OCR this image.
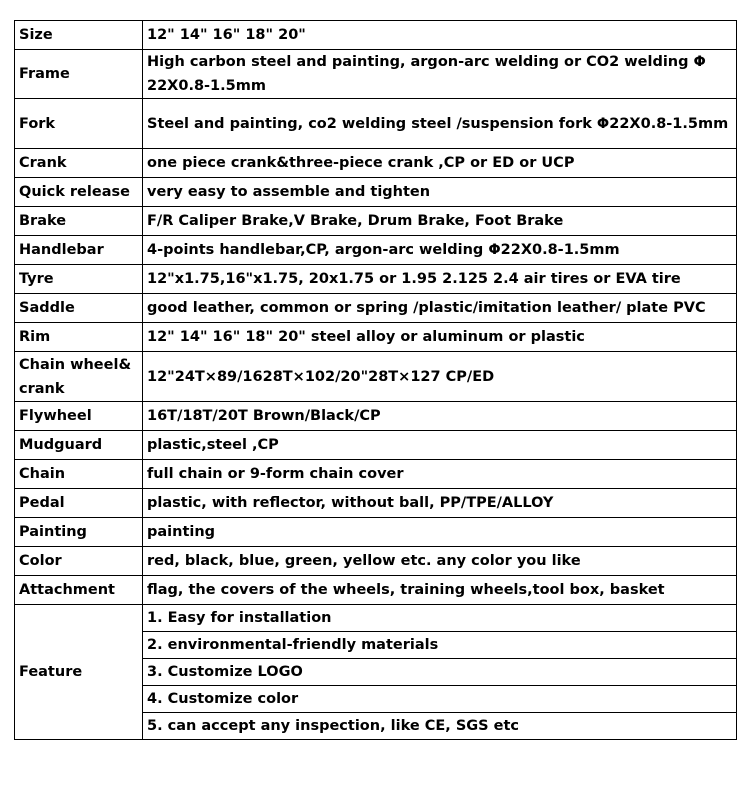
Size	12" 14" 16" 18" 20"
Frame	High carbon steel and painting, argon-arc welding or CO2 welding Φ 22X0.8-1.5mm
Fork	Steel and painting, co2 welding steel /suspension fork Φ22X0.8-1.5mm
Crank	one piece crank&three-piece crank ,CP or ED or UCP
Quick release	very easy to assemble and tighten
Brake	F/R Caliper Brake,V Brake, Drum Brake, Foot Brake
Handlebar	4-points handlebar,CP, argon-arc welding Φ22X0.8-1.5mm
Tyre	12"x1.75,16"x1.75, 20x1.75 or 1.95 2.125 2.4 air tires or EVA tire
Saddle	good leather, common or spring /plastic/imitation leather/ plate PVC
Rim	12" 14" 16" 18" 20" steel alloy or aluminum or plastic
Chain wheel& crank	12"24T×89/1628T×102/20"28T×127 CP/ED
Flywheel	16T/18T/20T Brown/Black/CP
Mudguard	plastic,steel ,CP
Chain	full chain or 9-form chain cover
Pedal	plastic, with reflector, without ball, PP/TPE/ALLOY
Painting	painting
Color	red, black, blue, green, yellow etc. any color you like
Attachment	flag, the covers of the wheels, training wheels,tool box, basket
Feature	1. Easy for installation
	2. environmental-friendly materials
	3. Customize LOGO
	4. Customize color
	5. can accept any inspection, like CE, SGS etc
